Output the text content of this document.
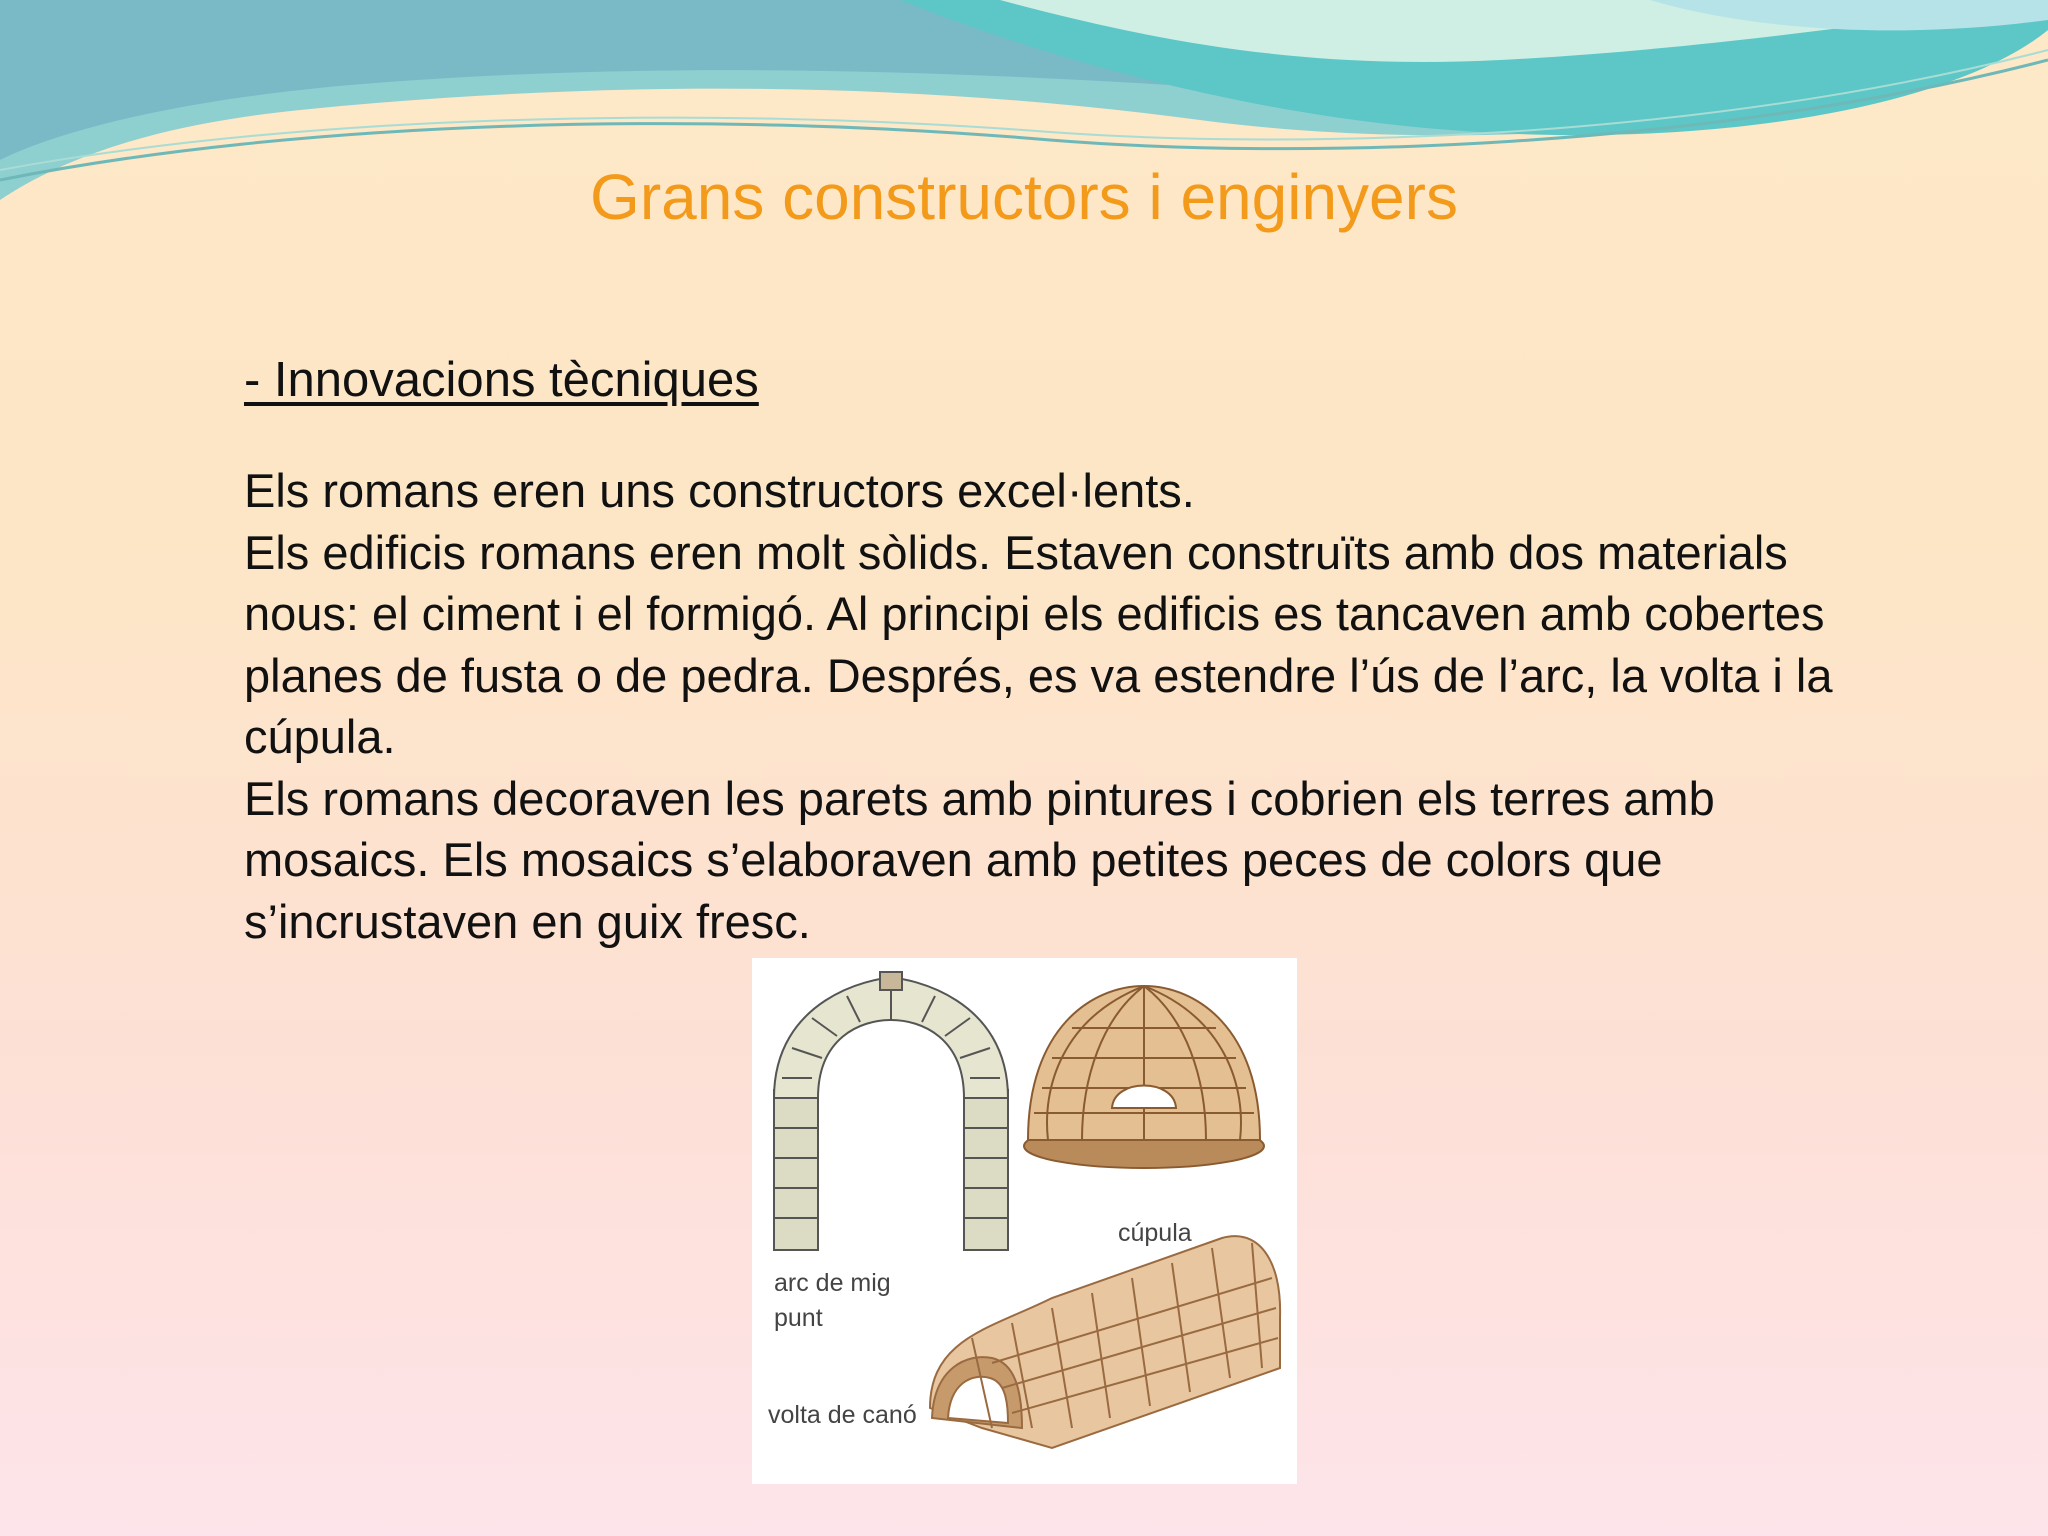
Grans constructors i enginyers
- Innovacions tècniques

Els romans eren uns constructors excel·lents.

Els edificis romans eren molt sòlids. Estaven construïts amb dos materials nous: el ciment i el formigó. Al principi els edificis es tancaven amb cobertes planes de fusta o de pedra. Després, es va estendre l’ús de l’arc, la volta i la cúpula.

Els romans decoraven les parets amb pintures i cobrien els terres amb mosaics. Els mosaics s’elaboraven amb petites peces de colors que s’incrustaven en guix fresc.

cúpula
arc de mig punt
volta de canó
